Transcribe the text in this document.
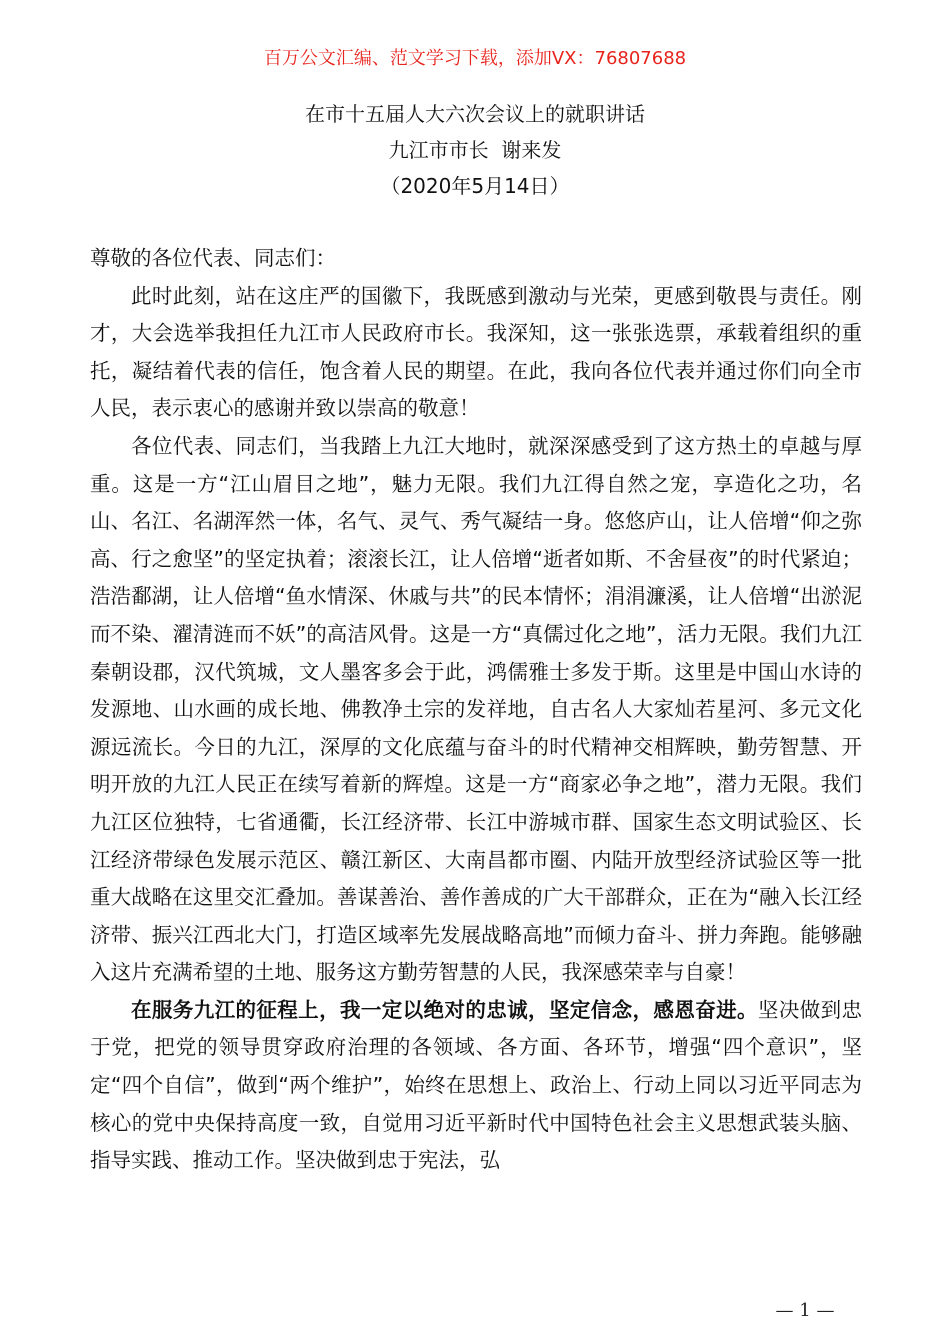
百万公文汇编、范文学习下载，添加VX：76807688
在市十五届人大六次会议上的就职讲话
九江市市长  谢来发
（2020年5月14日）

尊敬的各位代表、同志们：

此时此刻，站在这庄严的国徽下，我既感到激动与光荣，更感到敬畏与责任。刚才，大会选举我担任九江市人民政府市长。我深知，这一张张选票，承载着组织的重托，凝结着代表的信任，饱含着人民的期望。在此，我向各位代表并通过你们向全市人民，表示衷心的感谢并致以崇高的敬意！

各位代表、同志们，当我踏上九江大地时，就深深感受到了这方热土的卓越与厚重。这是一方“江山眉目之地”，魅力无限。我们九江得自然之宠，享造化之功，名山、名江、名湖浑然一体，名气、灵气、秀气凝结一身。悠悠庐山，让人倍增“仰之弥高、行之愈坚”的坚定执着；滚滚长江，让人倍增“逝者如斯、不舍昼夜”的时代紧迫；浩浩鄱湖，让人倍增“鱼水情深、休戚与共”的民本情怀；涓涓濂溪，让人倍增“出淤泥而不染、濯清涟而不妖”的高洁风骨。这是一方“真儒过化之地”，活力无限。我们九江秦朝设郡，汉代筑城，文人墨客多会于此，鸿儒雅士多发于斯。这里是中国山水诗的发源地、山水画的成长地、佛教净土宗的发祥地，自古名人大家灿若星河、多元文化源远流长。今日的九江，深厚的文化底蕴与奋斗的时代精神交相辉映，勤劳智慧、开明开放的九江人民正在续写着新的辉煌。这是一方“商家必争之地”，潜力无限。我们九江区位独特，七省通衢，长江经济带、长江中游城市群、国家生态文明试验区、长江经济带绿色发展示范区、赣江新区、大南昌都市圈、内陆开放型经济试验区等一批重大战略在这里交汇叠加。善谋善治、善作善成的广大干部群众，正在为“融入长江经济带、振兴江西北大门，打造区域率先发展战略高地”而倾力奋斗、拼力奔跑。能够融入这片充满希望的土地、服务这方勤劳智慧的人民，我深感荣幸与自豪！

在服务九江的征程上，我一定以绝对的忠诚，坚定信念，感恩奋进。坚决做到忠于党，把党的领导贯穿政府治理的各领域、各方面、各环节，增强“四个意识”，坚定“四个自信”，做到“两个维护”，始终在思想上、政治上、行动上同以习近平同志为核心的党中央保持高度一致，自觉用习近平新时代中国特色社会主义思想武装头脑、指导实践、推动工作。坚决做到忠于宪法，弘

— 1 —
